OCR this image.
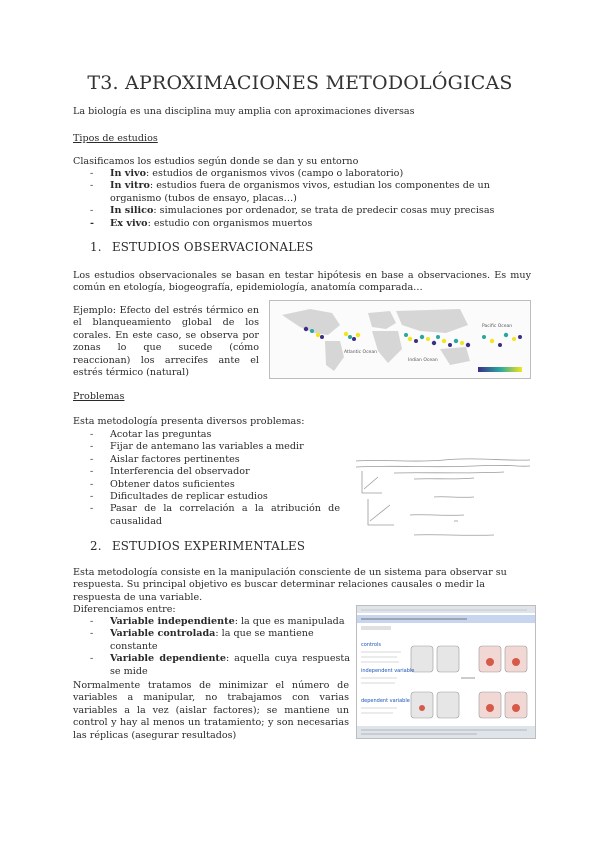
T3. APROXIMACIONES METODOLÓGICAS
La biología es una disciplina muy amplia con aproximaciones diversas
Tipos de estudios
Clasificamos los estudios según donde se dan y su entorno
- In vivo: estudios de organismos vivos (campo o laboratorio)
- In vitro: estudios fuera de organismos vivos, estudian los componentes de un organismo (tubos de ensayo, placas…)
- In silico: simulaciones por ordenador, se trata de predecir cosas muy precisas
- Ex vivo: estudio con organismos muertos
1. ESTUDIOS OBSERVACIONALES
Los estudios observacionales se basan en testar hipótesis en base a observaciones. Es muy común en etología, biogeografía, epidemiología, anatomía comparada…
Ejemplo: Efecto del estrés térmico en el blanqueamiento global de los corales. En este caso, se observa por zonas lo que sucede (cómo reaccionan) los arrecifes ante el estrés térmico (natural)
Pacific Ocean
Atlantic Ocean
Indian Ocean
Problemas
Esta metodología presenta diversos problemas:
- Acotar las preguntas
- Fijar de antemano las variables a medir
- Aislar factores pertinentes
- Interferencia del observador
- Obtener datos suficientes
- Dificultades de replicar estudios
- Pasar de la correlación a la atribución de causalidad
2. ESTUDIOS EXPERIMENTALES
Esta metodología consiste en la manipulación consciente de un sistema para observar su respuesta. Su principal objetivo es buscar determinar relaciones causales o medir la respuesta de una variable.
Diferenciamos entre:
- Variable independiente: la que es manipulada
- Variable controlada: la que se mantiene constante
- Variable dependiente: aquella cuya respuesta se mide
Normalmente tratamos de minimizar el número de variables a manipular, no trabajamos con varias variables a la vez (aislar factores); se mantiene un control y hay al menos un tratamiento; y son necesarias las réplicas (asegurar resultados)
controls
independent variable
dependent variable
